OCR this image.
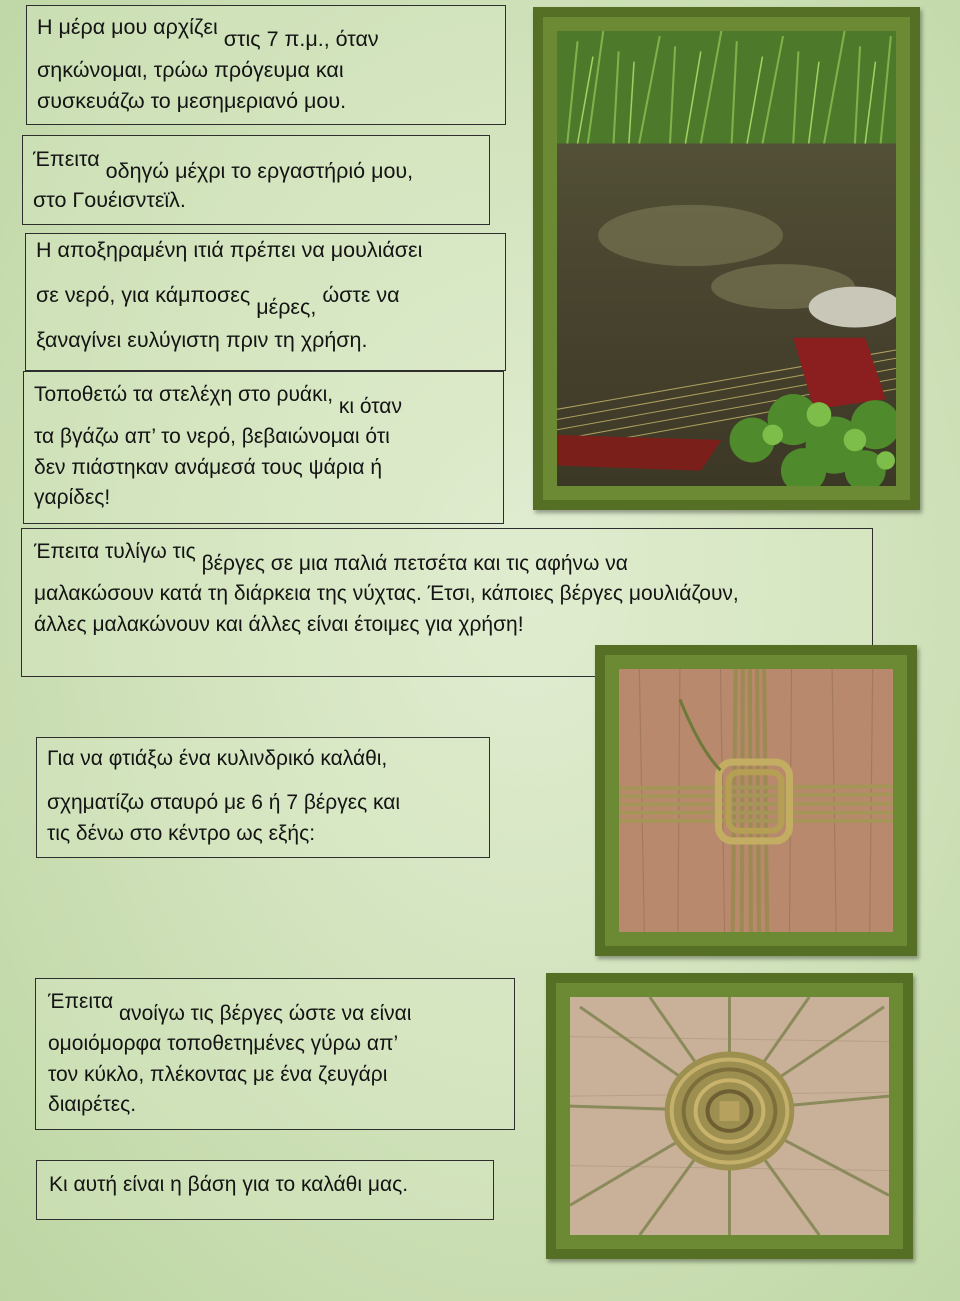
Η μέρα μου αρχίζει στις 7 π.μ., όταν
σηκώνομαι, τρώω πρόγευμα και
συσκευάζω το μεσημεριανό μου.
Έπειτα οδηγώ μέχρι το εργαστήριό μου,
στο Γουέισντεϊλ.
Η αποξηραμένη ιτιά πρέπει να μουλιάσει
σε νερό, για κάμποσες μέρες, ώστε να
ξαναγίνει ευλύγιστη πριν τη χρήση.
Τοποθετώ τα στελέχη στο ρυάκι, κι όταν
τα βγάζω απ’ το νερό, βεβαιώνομαι ότι
δεν πιάστηκαν ανάμεσά τους ψάρια ή
γαρίδες!
Έπειτα τυλίγω τις βέργες σε μια παλιά πετσέτα και τις αφήνω να
μαλακώσουν κατά τη διάρκεια της νύχτας. Έτσι, κάποιες βέργες μουλιάζουν,
άλλες μαλακώνουν και άλλες είναι έτοιμες για χρήση!
Για να φτιάξω ένα κυλινδρικό καλάθι,
σχηματίζω σταυρό με 6 ή 7 βέργες και
τις δένω στο κέντρο ως εξής:
Έπειτα ανοίγω τις βέργες ώστε να είναι
ομοιόμορφα τοποθετημένες γύρω απ’
τον κύκλο, πλέκοντας με ένα ζευγάρι
διαιρέτες.
Κι αυτή είναι η βάση για το καλάθι μας.
